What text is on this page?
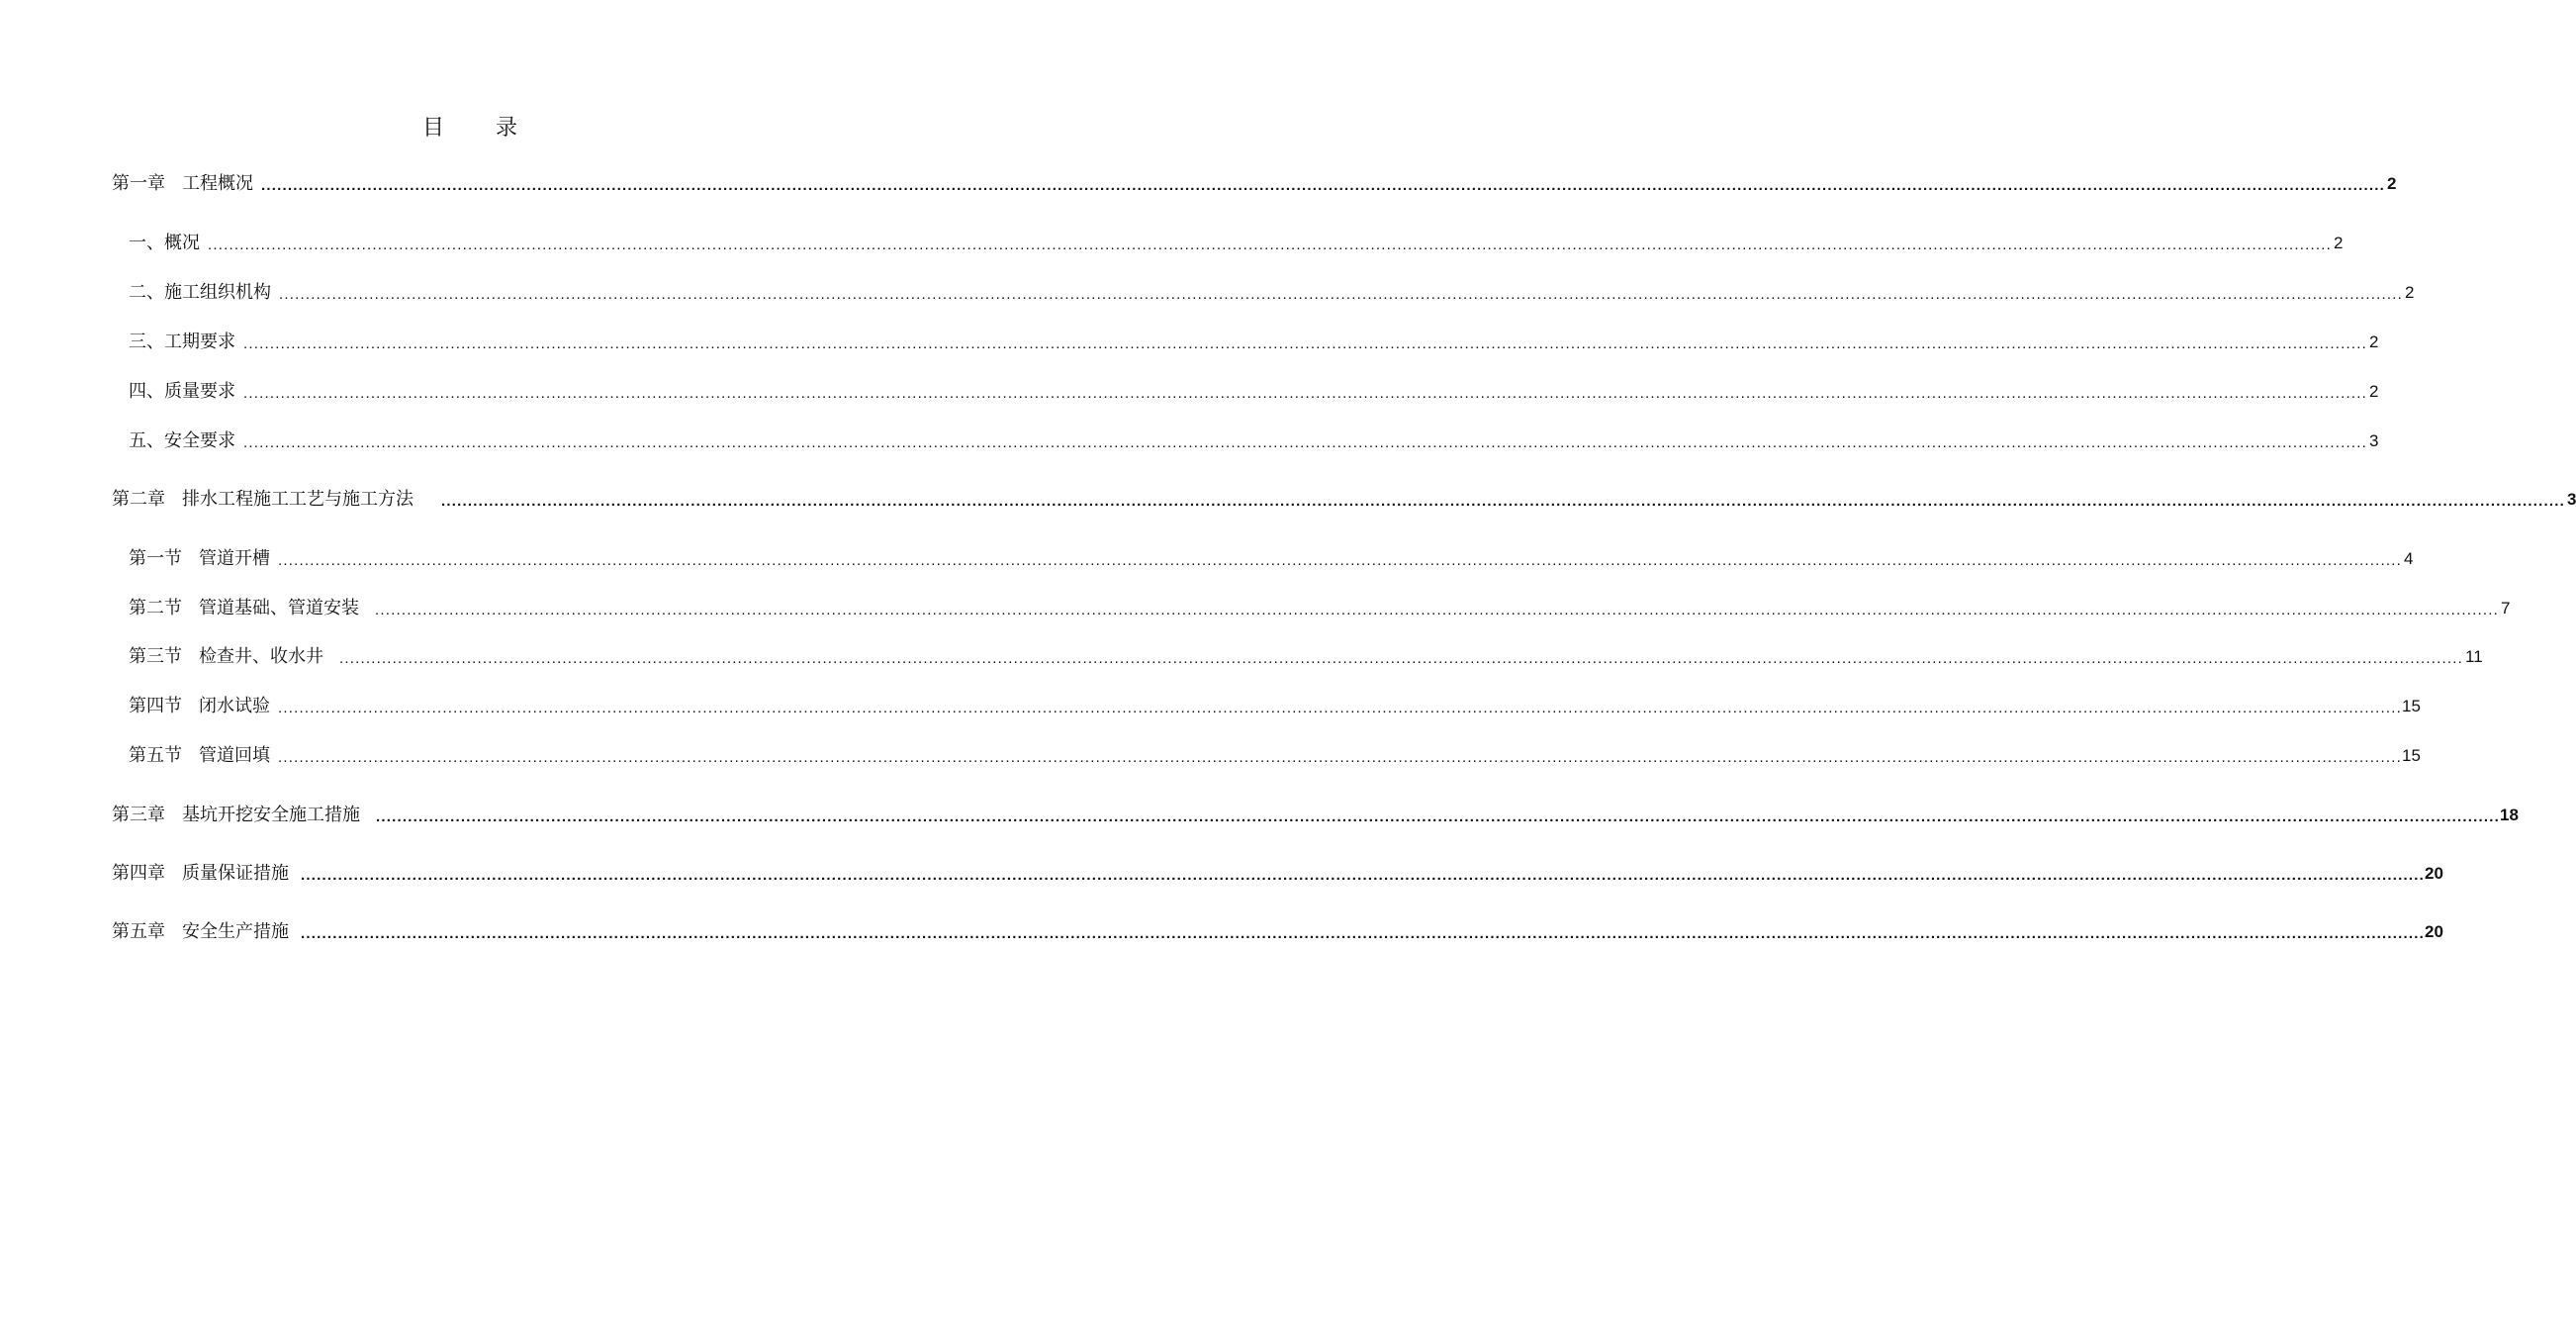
目 录
第一章 工程概况 ................................................................................................................................................................................................................................................................................................................................................................................................................ 2
一、 概况 ................................................................................................................................................................................................................................................................................................................................................................................................................ 2
二、 施工组织机构 ................................................................................................................................................................................................................................................................................................................................................................................................................ 2
三、 工期要求 ................................................................................................................................................................................................................................................................................................................................................................................................................ 2
四、 质量要求 ................................................................................................................................................................................................................................................................................................................................................................................................................ 2
五、 安全要求 ................................................................................................................................................................................................................................................................................................................................................................................................................ 3
第二章 排水工程施工工艺与施工方法 ................................................................................................................................................................................................................................................................................................................................................................................................................ 3
第一节 管道开槽 ................................................................................................................................................................................................................................................................................................................................................................................................................ 4
第二节 管道基础、管道安装 ................................................................................................................................................................................................................................................................................................................................................................................................................ 7
第三节 检查井、收水井 ................................................................................................................................................................................................................................................................................................................................................................................................................ 11
第四节 闭水试验 ................................................................................................................................................................................................................................................................................................................................................................................................................ 15
第五节 管道回填 ................................................................................................................................................................................................................................................................................................................................................................................................................ 15
第三章 基坑开挖安全施工措施 ................................................................................................................................................................................................................................................................................................................................................................................................................ 18
第四章 质量保证措施 ................................................................................................................................................................................................................................................................................................................................................................................................................ 20
第五章 安全生产措施 ................................................................................................................................................................................................................................................................................................................................................................................................................ 20
